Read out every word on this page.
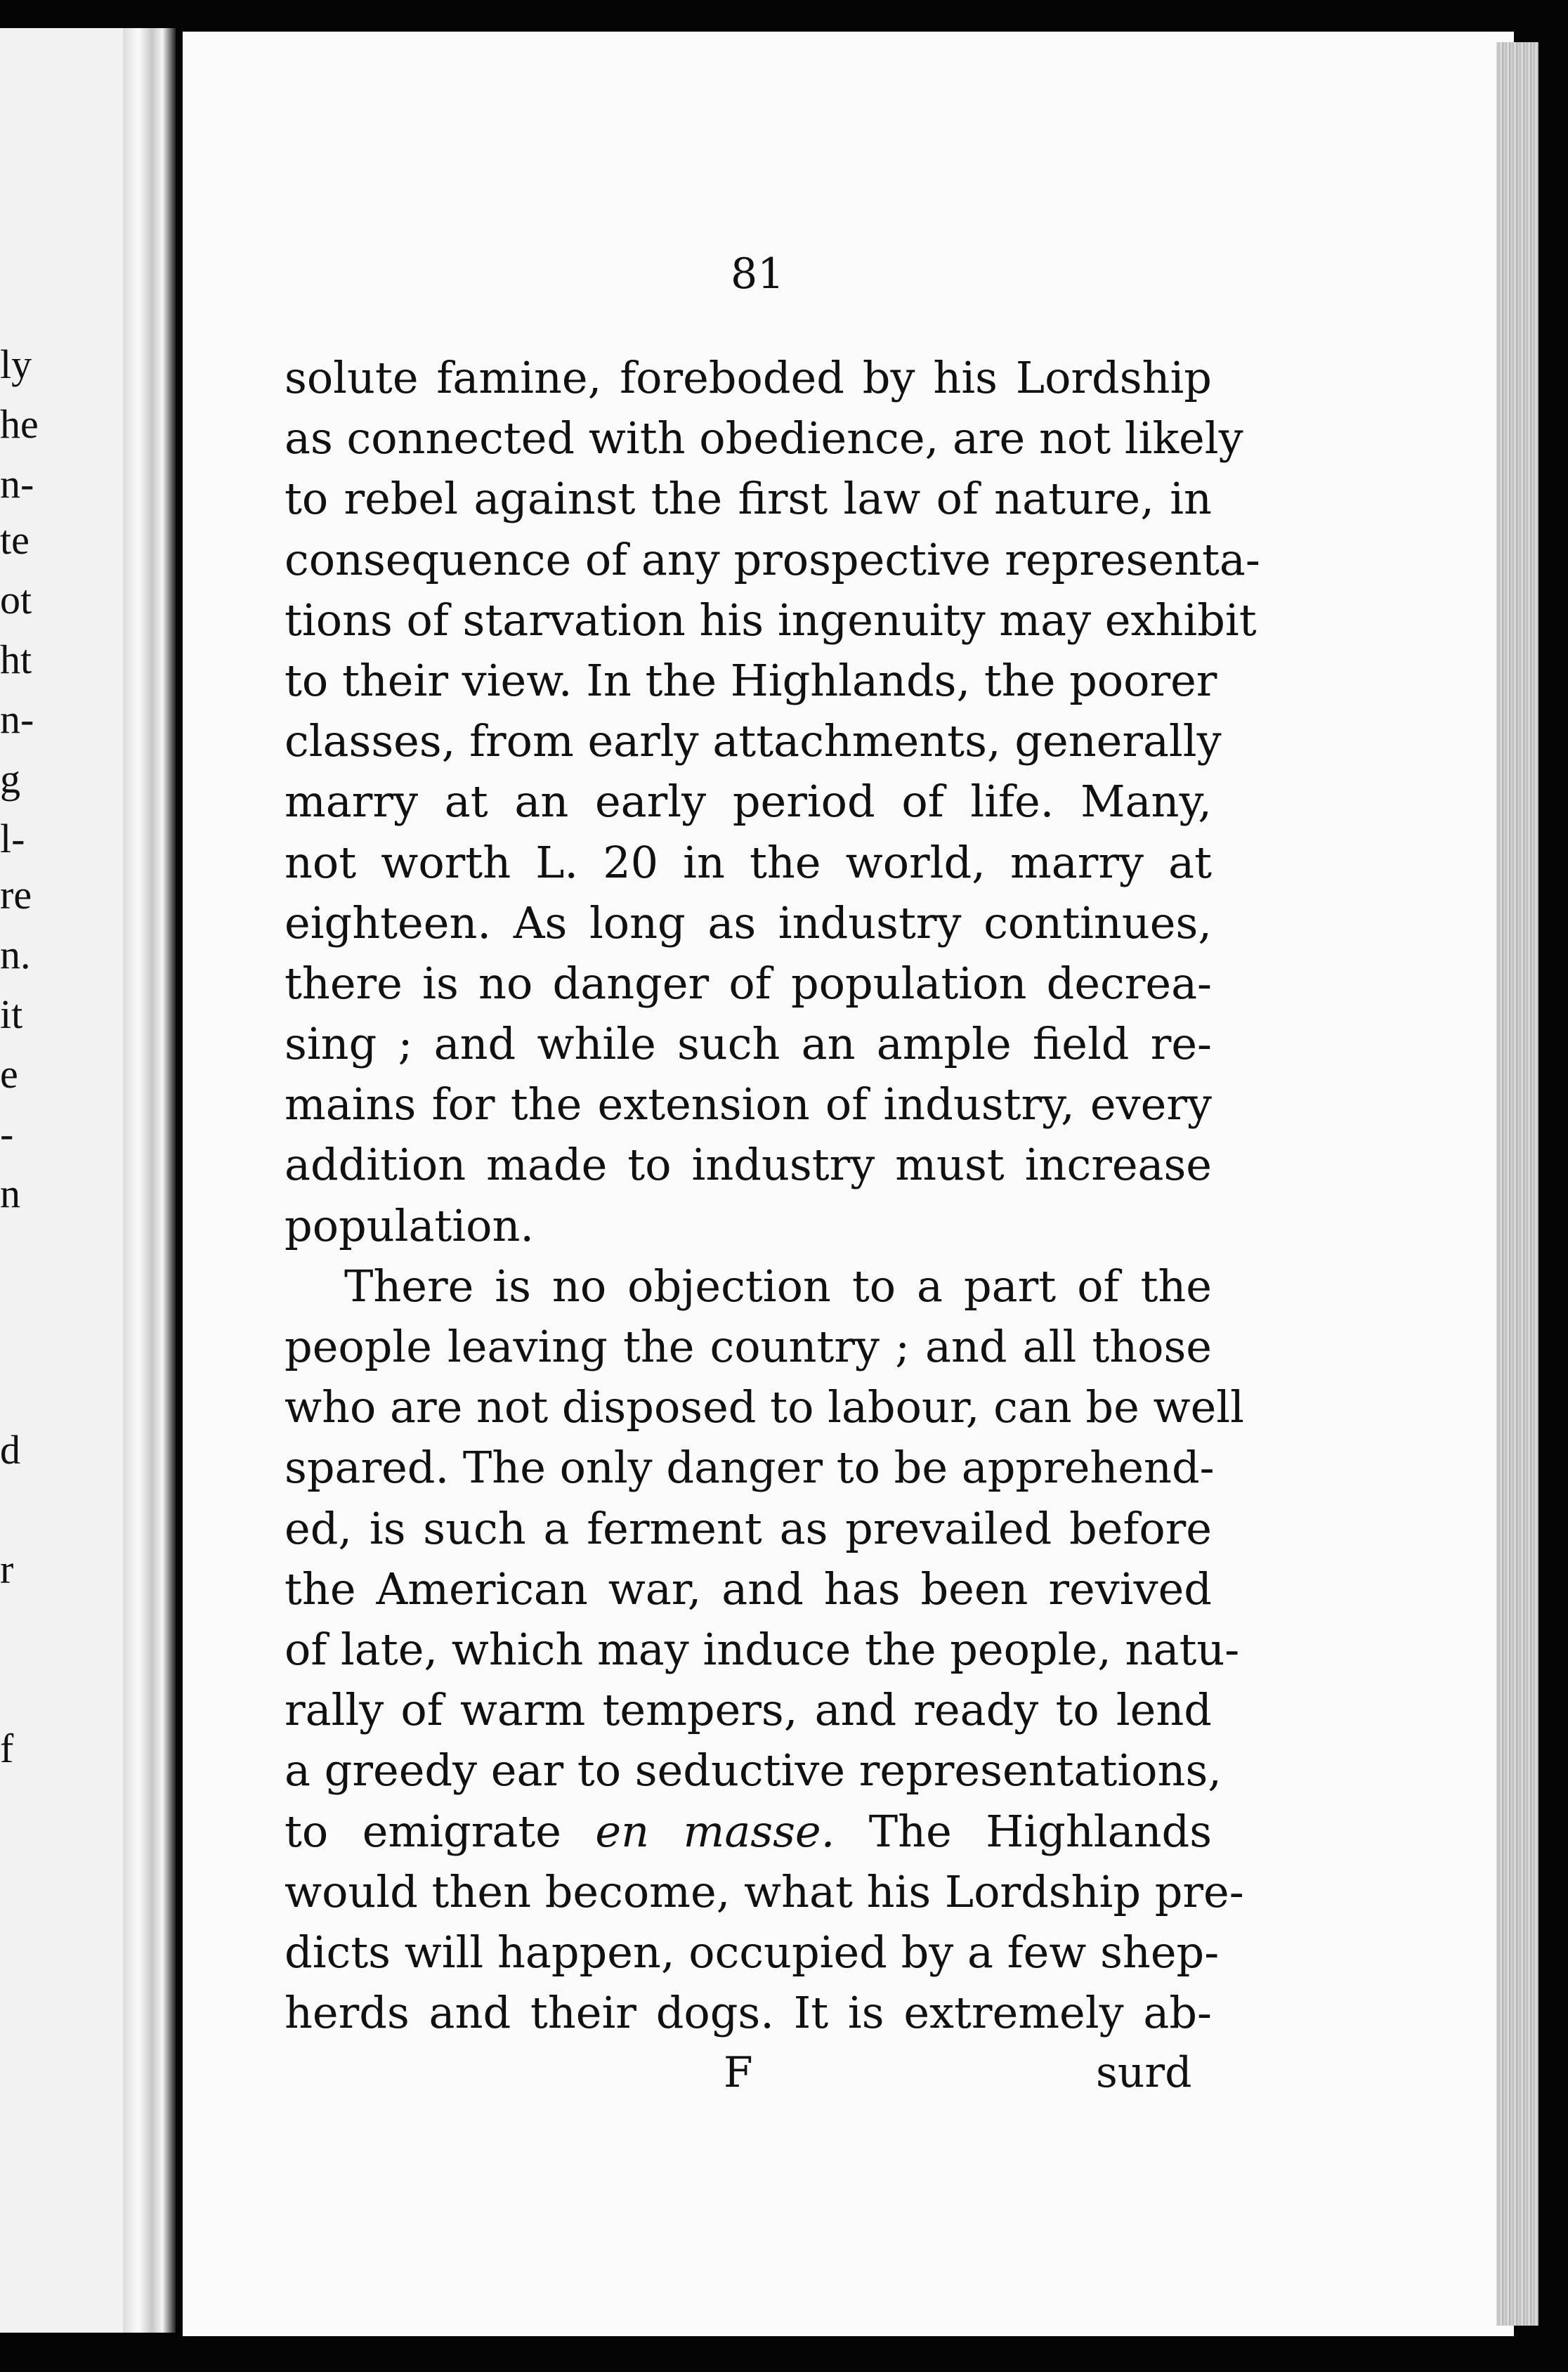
ly
he
n-
te
ot
ht
n-
g
l-
re
n.
it
e
-
n
d
r
f
81
solute famine, foreboded by his Lordship
as connected with obedience, are not likely
to rebel against the first law of nature, in
consequence of any prospective representa-
tions of starvation his ingenuity may exhibit
to their view. In the Highlands, the poorer
classes, from early attachments, generally
marry at an early period of life. Many,
not worth L. 20 in the world, marry at
eighteen. As long as industry continues,
there is no danger of population decrea-
sing ; and while such an ample field re-
mains for the extension of industry, every
addition made to industry must increase
population.
There is no objection to a part of the
people leaving the country ; and all those
who are not disposed to labour, can be well
spared. The only danger to be apprehend-
ed, is such a ferment as prevailed before
the American war, and has been revived
of late, which may induce the people, natu-
rally of warm tempers, and ready to lend
a greedy ear to seductive representations,
to emigrate en masse. The Highlands
would then become, what his Lordship pre-
dicts will happen, occupied by a few shep-
herds and their dogs. It is extremely ab-
F	surd
